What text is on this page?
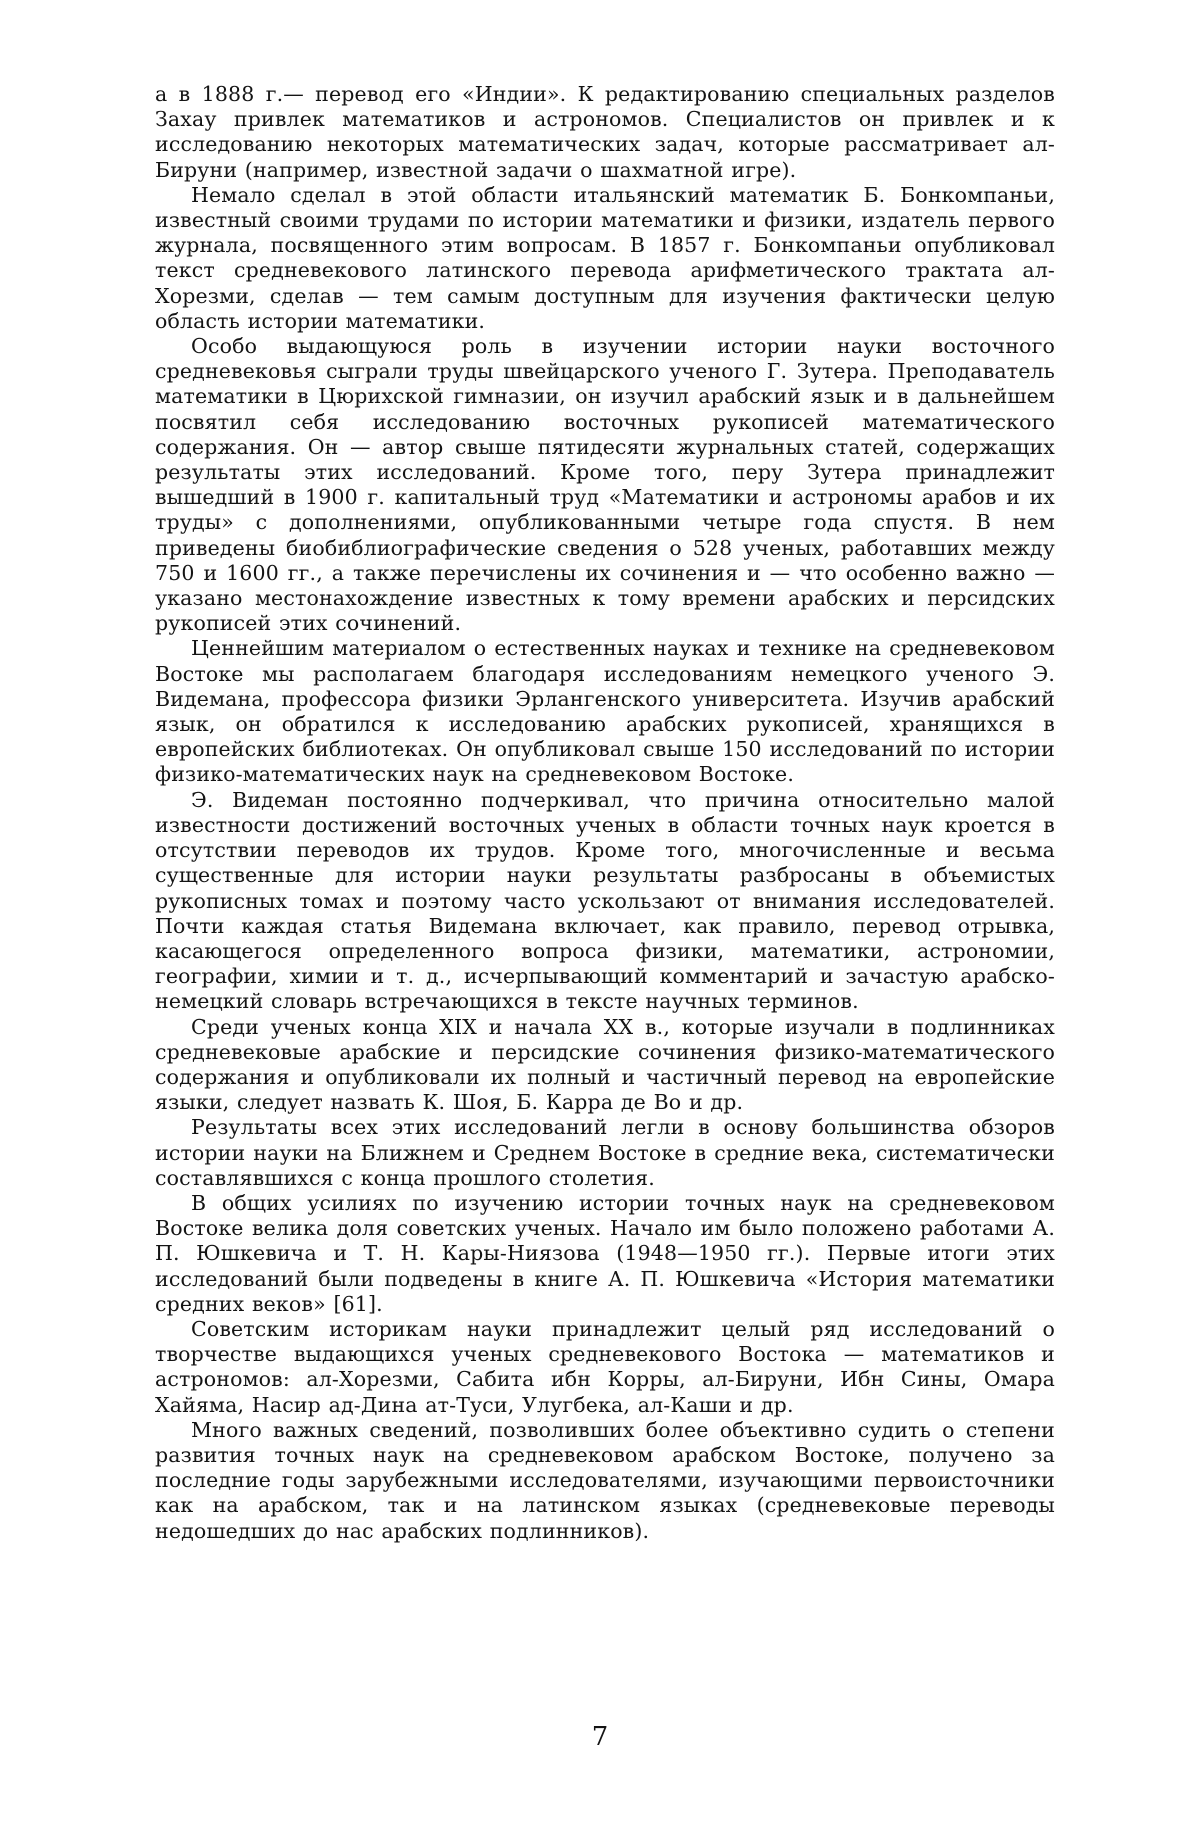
а в 1888 г.— перевод его «Индии». К редактированию специальных разделов Захау привлек математиков и астрономов. Специалистов он привлек и к исследованию некоторых математических задач, которые рассматривает ал-Бируни (например, известной задачи о шахматной игре).

Немало сделал в этой области итальянский математик Б. Бонкомпаньи, известный своими трудами по истории математики и физики, издатель первого журнала, посвященного этим вопросам. В 1857 г. Бонкомпаньи опубликовал текст средневекового латинского перевода арифметического трактата ал-Хорезми, сделав — тем самым доступным для изучения фактически целую область истории математики.

Особо выдающуюся роль в изучении истории науки восточного средневековья сыграли труды швейцарского ученого Г. Зутера. Преподаватель математики в Цюрихской гимназии, он изучил арабский язык и в дальнейшем посвятил себя исследованию восточных рукописей математического содержания. Он — автор свыше пятидесяти журнальных статей, содержащих результаты этих исследований. Кроме того, перу Зутера принадлежит вышедший в 1900 г. капитальный труд «Математики и астрономы арабов и их труды» с дополнениями, опубликованными четыре года спустя. В нем приведены биобиблиографические сведения о 528 ученых, работавших между 750 и 1600 гг., а также перечислены их сочинения и — что особенно важно — указано местонахождение известных к тому времени арабских и персидских рукописей этих сочинений.

Ценнейшим материалом о естественных науках и технике на средневековом Востоке мы располагаем благодаря исследованиям немецкого ученого Э. Видемана, профессора физики Эрлангенского университета. Изучив арабский язык, он обратился к исследованию арабских рукописей, хранящихся в европейских библиотеках. Он опубликовал свыше 150 исследований по истории физико-математических наук на средневековом Востоке.

Э. Видеман постоянно подчеркивал, что причина относительно малой известности достижений восточных ученых в области точных наук кроется в отсутствии переводов их трудов. Кроме того, многочисленные и весьма существенные для истории науки результаты разбросаны в объемистых рукописных томах и поэтому часто ускользают от внимания исследователей. Почти каждая статья Видемана включает, как правило, перевод отрывка, касающегося определенного вопроса физики, математики, астрономии, географии, химии и т. д., исчерпывающий комментарий и зачастую арабско-немецкий словарь встречающихся в тексте научных терминов.

Среди ученых конца XIX и начала XX в., которые изучали в подлинниках средневековые арабские и персидские сочинения физико-математического содержания и опубликовали их полный и частичный перевод на европейские языки, следует назвать К. Шоя, Б. Карра де Во и др.

Результаты всех этих исследований легли в основу большинства обзоров истории науки на Ближнем и Среднем Востоке в средние века, систематически составлявшихся с конца прошлого столетия.

В общих усилиях по изучению истории точных наук на средневековом Востоке велика доля советских ученых. Начало им было положено работами А. П. Юшкевича и Т. Н. Кары-Ниязова (1948—1950 гг.). Первые итоги этих исследований были подведены в книге А. П. Юшкевича «История математики средних веков» [61].

Советским историкам науки принадлежит целый ряд исследований о творчестве выдающихся ученых средневекового Востока — математиков и астрономов: ал-Хорезми, Сабита ибн Корры, ал-Бируни, Ибн Сины, Омара Хайяма, Насир ад-Дина ат-Туси, Улугбека, ал-Каши и др.

Много важных сведений, позволивших более объективно судить о степени развития точных наук на средневековом арабском Востоке, получено за последние годы зарубежными исследователями, изучающими первоисточники как на арабском, так и на латинском языках (средневековые переводы недошедших до нас арабских подлинников).

7
